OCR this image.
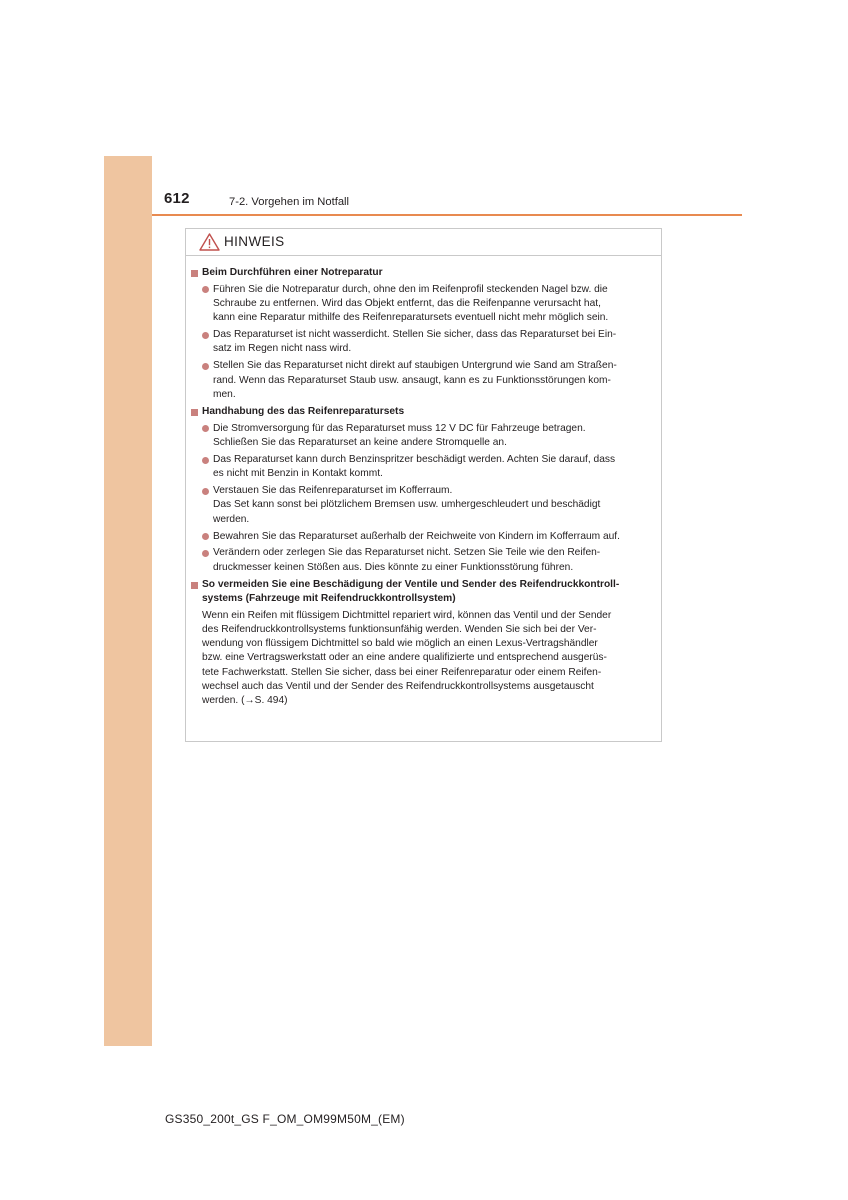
612	7-2. Vorgehen im Notfall
HINWEIS
Beim Durchführen einer Notreparatur
Führen Sie die Notreparatur durch, ohne den im Reifenprofil steckenden Nagel bzw. die
Schraube zu entfernen. Wird das Objekt entfernt, das die Reifenpanne verursacht hat,
kann eine Reparatur mithilfe des Reifenreparatursets eventuell nicht mehr möglich sein.
Das Reparaturset ist nicht wasserdicht. Stellen Sie sicher, dass das Reparaturset bei Ein-
satz im Regen nicht nass wird.
Stellen Sie das Reparaturset nicht direkt auf staubigen Untergrund wie Sand am Straßen-
rand. Wenn das Reparaturset Staub usw. ansaugt, kann es zu Funktionsstörungen kom-
men.
Handhabung des das Reifenreparatursets
Die Stromversorgung für das Reparaturset muss 12 V DC für Fahrzeuge betragen.
Schließen Sie das Reparaturset an keine andere Stromquelle an.
Das Reparaturset kann durch Benzinspritzer beschädigt werden. Achten Sie darauf, dass
es nicht mit Benzin in Kontakt kommt.
Verstauen Sie das Reifenreparaturset im Kofferraum.
Das Set kann sonst bei plötzlichem Bremsen usw. umhergeschleudert und beschädigt
werden.
Bewahren Sie das Reparaturset außerhalb der Reichweite von Kindern im Kofferraum auf.
Verändern oder zerlegen Sie das Reparaturset nicht. Setzen Sie Teile wie den Reifen-
druckmesser keinen Stößen aus. Dies könnte zu einer Funktionsstörung führen.
So vermeiden Sie eine Beschädigung der Ventile und Sender des Reifendruckkontroll-
systems (Fahrzeuge mit Reifendruckkontrollsystem)
Wenn ein Reifen mit flüssigem Dichtmittel repariert wird, können das Ventil und der Sender
des Reifendruckkontrollsystems funktionsunfähig werden. Wenden Sie sich bei der Ver-
wendung von flüssigem Dichtmittel so bald wie möglich an einen Lexus-Vertragshändler
bzw. eine Vertragswerkstatt oder an eine andere qualifizierte und entsprechend ausgerüs-
tete Fachwerkstatt. Stellen Sie sicher, dass bei einer Reifenreparatur oder einem Reifen-
wechsel auch das Ventil und der Sender des Reifendruckkontrollsystems ausgetauscht
werden. (→S. 494)
GS350_200t_GS F_OM_OM99M50M_(EM)
